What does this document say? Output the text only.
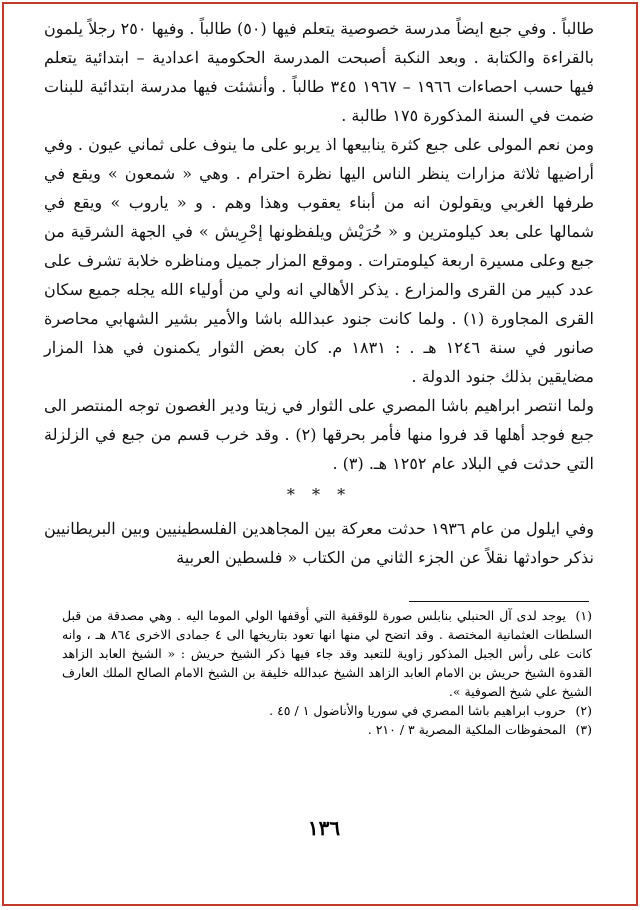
طالباً . وفي جبع ايضاً مدرسة خصوصية يتعلم فيها (٥٠) طالباً . وفيها ٢٥٠ رجلاً يلمون بالقراءة والكتابة . وبعد النكبة أصبحت المدرسة الحكومية اعدادية – ابتدائية يتعلم فيها حسب احصاءات ١٩٦٦ – ١٩٦٧ ٣٤٥ طالباً . وأنشئت فيها مدرسة ابتدائية للبنات ضمت في السنة المذكورة ١٧٥ طالبة .

ومن نعم المولى على جبع كثرة ينابيعها اذ يربو على ما ينوف على ثماني عيون . وفي أراضيها ثلاثة مزارات ينظر الناس اليها نظرة احترام . وهي « شمعون » ويقع في طرفها الغربي ويقولون انه من أبناء يعقوب وهذا وهم . و « ياروب » ويقع في شمالها على بعد كيلومترين و « حُرَيْش ويلفظونها إحْرِيش » في الجهة الشرقية من جبع وعلى مسيرة اربعة كيلومترات . وموقع المزار جميل ومناظره خلابة تشرف على عدد كبير من القرى والمزارع . يذكر الأهالي انه ولي من أولياء الله يجله جميع سكان القرى المجاورة (١) . ولما كانت جنود عبدالله باشا والأمير بشير الشهابي محاصرة صانور في سنة ١٢٤٦ هـ . : ١٨٣١ م. كان بعض الثوار يكمنون في هذا المزار مضايقين بذلك جنود الدولة .

ولما انتصر ابراهيم باشا المصري على الثوار في زيتا ودير الغصون توجه المنتصر الى جبع فوجد أهلها قد فروا منها فأمر بحرقها (٢) . وقد خرب قسم من جبع في الزلزلة التي حدثت في البلاد عام ١٢٥٢ هـ. (٣) .

* * *

وفي ايلول من عام ١٩٣٦ حدثت معركة بين المجاهدين الفلسطينيين وبين البريطانيين نذكر حوادثها نقلاً عن الجزء الثاني من الكتاب « فلسطين العربية

(١)يوجد لدى آل الحنبلي بنابلس صورة للوقفية التي أوقفها الولي الموما اليه . وهي مصدقة من قبل السلطات العثمانية المختصة . وقد اتضح لي منها انها تعود بتاريخها الى ٤ جمادى الاخرى ٨٦٤ هـ ، وانه كانت على رأس الجبل المذكور زاوية للتعبد وقد جاء فيها ذكر الشيخ حريش : « الشيخ العابد الزاهد القدوة الشيخ حريش بن الامام العابد الزاهد الشيخ عبدالله خليفة بن الشيخ الامام الصالح الملك العارف الشيخ علي شيخ الصوفية ».

(٢)حروب ابراهيم باشا المصري في سوريا والأناضول ١ / ٤٥ .

(٣)المحفوظات الملكية المصرية ٣ / ٢١٠ .

١٣٦
